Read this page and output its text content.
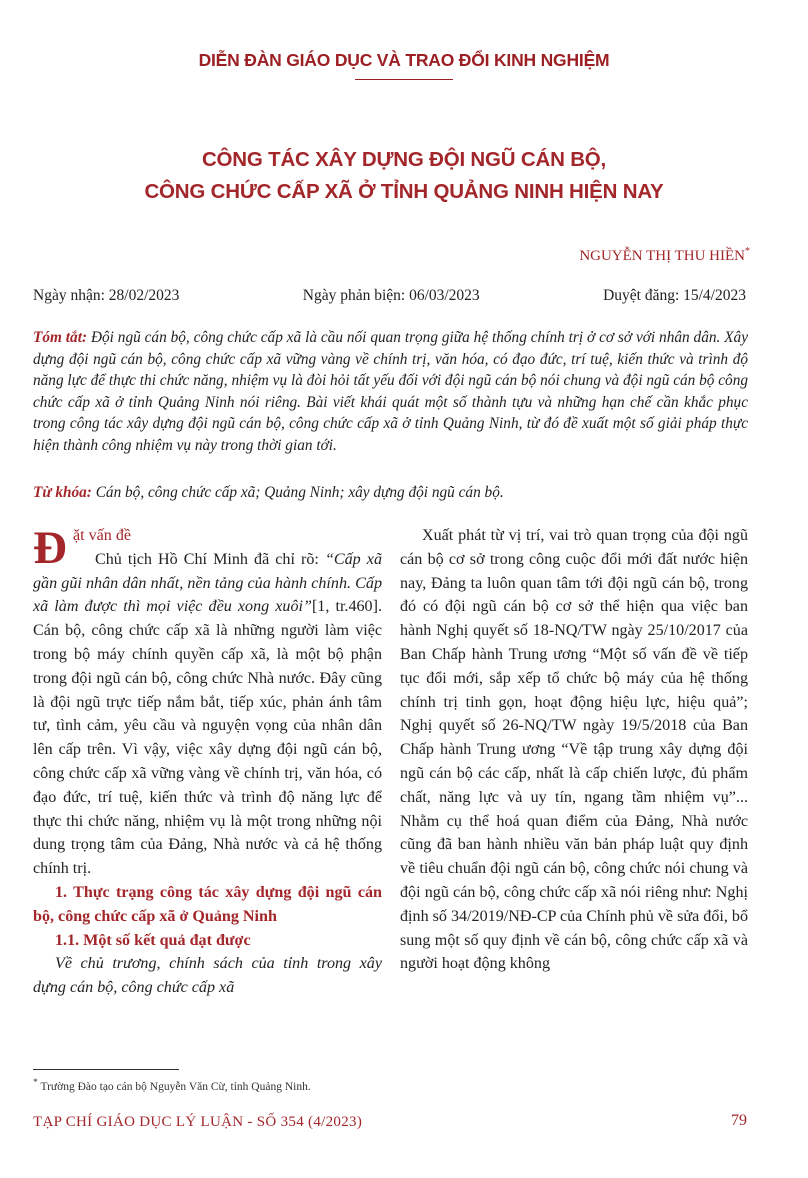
DIỄN ĐÀN GIÁO DỤC VÀ TRAO ĐỔI KINH NGHIỆM
CÔNG TÁC XÂY DỰNG ĐỘI NGŨ CÁN BỘ,
CÔNG CHỨC CẤP XÃ Ở TỈNH QUẢNG NINH HIỆN NAY
NGUYỄN THỊ THU HIỀN*
Ngày nhận: 28/02/2023	Ngày phản biện: 06/03/2023	Duyệt đăng: 15/4/2023
Tóm tắt: Đội ngũ cán bộ, công chức cấp xã là cầu nối quan trọng giữa hệ thống chính trị ở cơ sở với nhân dân. Xây dựng đội ngũ cán bộ, công chức cấp xã vững vàng về chính trị, văn hóa, có đạo đức, trí tuệ, kiến thức và trình độ năng lực để thực thi chức năng, nhiệm vụ là đòi hỏi tất yếu đối với đội ngũ cán bộ nói chung và đội ngũ cán bộ công chức cấp xã ở tỉnh Quảng Ninh nói riêng. Bài viết khái quát một số thành tựu và những hạn chế cần khắc phục trong công tác xây dựng đội ngũ cán bộ, công chức cấp xã ở tỉnh Quảng Ninh, từ đó đề xuất một số giải pháp thực hiện thành công nhiệm vụ này trong thời gian tới.
Từ khóa: Cán bộ, công chức cấp xã; Quảng Ninh; xây dựng đội ngũ cán bộ.
Đ ặt vấn đề

Chủ tịch Hồ Chí Minh đã chỉ rõ: “Cấp xã gần gũi nhân dân nhất, nền tảng của hành chính. Cấp xã làm được thì mọi việc đều xong xuôi”[1, tr.460]. Cán bộ, công chức cấp xã là những người làm việc trong bộ máy chính quyền cấp xã, là một bộ phận trong đội ngũ cán bộ, công chức Nhà nước. Đây cũng là đội ngũ trực tiếp nắm bắt, tiếp xúc, phản ánh tâm tư, tình cảm, yêu cầu và nguyện vọng của nhân dân lên cấp trên. Vì vậy, việc xây dựng đội ngũ cán bộ, công chức cấp xã vững vàng về chính trị, văn hóa, có đạo đức, trí tuệ, kiến thức và trình độ năng lực để thực thi chức năng, nhiệm vụ là một trong những nội dung trọng tâm của Đảng, Nhà nước và cả hệ thống chính trị.

1. Thực trạng công tác xây dựng đội ngũ cán bộ, công chức cấp xã ở Quảng Ninh

1.1. Một số kết quả đạt được

Về chủ trương, chính sách của tỉnh trong xây dựng cán bộ, công chức cấp xã

Xuất phát từ vị trí, vai trò quan trọng của đội ngũ cán bộ cơ sở trong công cuộc đổi mới đất nước hiện nay, Đảng ta luôn quan tâm tới đội ngũ cán bộ, trong đó có đội ngũ cán bộ cơ sở thể hiện qua việc ban hành Nghị quyết số 18-NQ/TW ngày 25/10/2017 của Ban Chấp hành Trung ương “Một số vấn đề về tiếp tục đổi mới, sắp xếp tổ chức bộ máy của hệ thống chính trị tinh gọn, hoạt động hiệu lực, hiệu quả”; Nghị quyết số 26-NQ/TW ngày 19/5/2018 của Ban Chấp hành Trung ương “Về tập trung xây dựng đội ngũ cán bộ các cấp, nhất là cấp chiến lược, đủ phẩm chất, năng lực và uy tín, ngang tầm nhiệm vụ”... Nhằm cụ thể hoá quan điểm của Đảng, Nhà nước cũng đã ban hành nhiều văn bản pháp luật quy định về tiêu chuẩn đội ngũ cán bộ, công chức nói chung và đội ngũ cán bộ, công chức cấp xã nói riêng như: Nghị định số 34/2019/NĐ-CP của Chính phủ về sửa đổi, bổ sung một số quy định về cán bộ, công chức cấp xã và người hoạt động không

* Trường Đào tạo cán bộ Nguyễn Văn Cừ, tỉnh Quảng Ninh.
TẠP CHÍ GIÁO DỤC LÝ LUẬN - SỐ 354 (4/2023)	79
